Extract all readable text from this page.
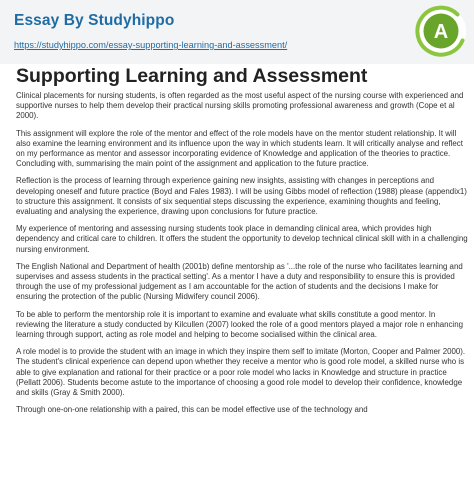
Essay By Studyhippo
https://studyhippo.com/essay-supporting-learning-and-assessment/
A
Supporting Learning and Assessment

Clinical placements for nursing students, is often regarded as the most useful aspect of the nursing course with experienced and supportive nurses to help them develop their practical nursing skills promoting professional awareness and growth (Cope et al 2000).

This assignment will explore the role of the mentor and effect of the role models have on the mentor student relationship. It will also examine the learning environment and its influence upon the way in which students learn. It will critically analyse and reflect on my performance as mentor and assessor incorporating evidence of Knowledge and application of the theories to practice. Concluding with, summarising the main point of the assignment and application to the future practice.

Reflection is the process of learning through experience gaining new insights, assisting with changes in perceptions and developing oneself and future practice (Boyd and Fales 1983). I will be using Gibbs model of reflection (1988) please (appendix1) to structure this assignment. It consists of six sequential steps discussing the experience, examining thoughts and feeling, evaluating and analysing the experience, drawing upon conclusions for future practice.

My experience of mentoring and assessing nursing students took place in demanding clinical area, which provides high dependency and critical care to children. It offers the student the opportunity to develop technical clinical skill with in a challenging nursing environment.

The English National and Department of health (2001b) define mentorship as '...the role of the nurse who facilitates learning and supervises and assess students in the practical setting'. As a mentor I have a duty and responsibility to ensure this is provided through the use of my professional judgement as I am accountable for the action of students and the decisions I make for ensuring the protection of the public (Nursing Midwifery council 2006).

To be able to perform the mentorship role it is important to examine and evaluate what skills constitute a good mentor. In reviewing the literature a study conducted by Kilcullen (2007) looked the role of a good mentors played a major role n enhancing learning through support, acting as role model and helping to become socialised within the clinical area.

A role model is to provide the student with an image in which they inspire them self to imitate (Morton, Cooper and Palmer 2000). The student's clinical experience can depend upon whether they receive a mentor who is good role model, a skilled nurse who is able to give explanation and rational for their practice or a poor role model who lacks in Knowledge and structure in practice (Pellatt 2006). Students become astute to the importance of choosing a good role model to develop their confidence, knowledge and skills (Gray & Smith 2000).

Through one-on-one relationship with a paired, this can be model effective use of the technology and
